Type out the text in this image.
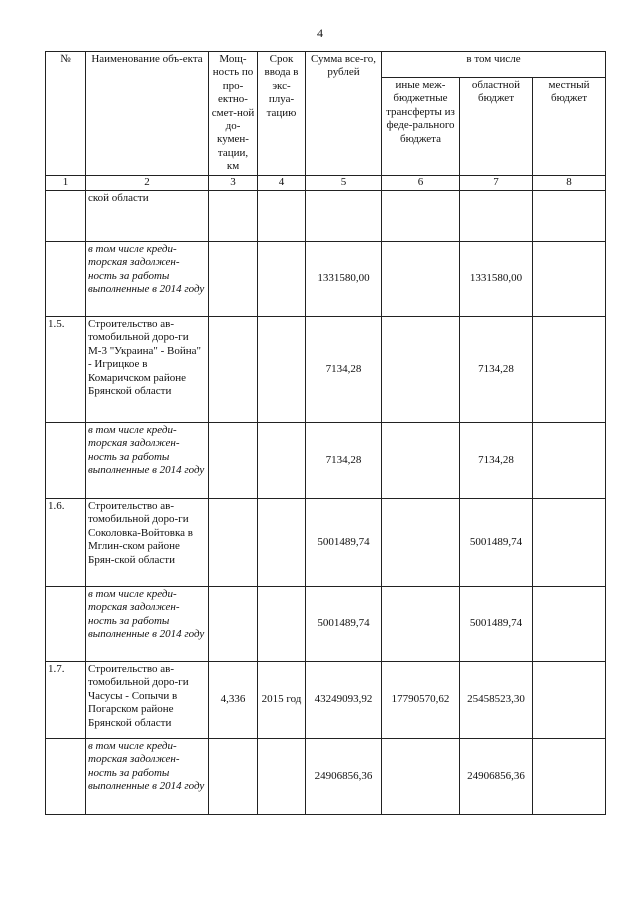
4
№	Наименование объ-екта	Мощ-ность по про-ектно-смет-ной до-кумен-тации, км	Срок ввода в экс-плуа-тацию	Сумма все-го, рублей	в том числе		
					иные меж-бюджетные трансферты из феде-рального бюджета	областной бюджет	местный бюджет
1	2	3	4	5	6	7	8
	ской области						
	в том числе креди-торская задолжен-ность за работы выполненные в 2014 году			1331580,00		1331580,00	
1.5.	Строительство ав-томобильной доро-ги М-3 "Украина" - Война" - Игрицкое в Комаричском районе Брянской области			7134,28		7134,28	
	в том числе креди-торская задолжен-ность за работы выполненные в 2014 году			7134,28		7134,28	
1.6.	Строительство ав-томобильной доро-ги Соколовка-Войтовка в Мглин-ском районе Брян-ской области			5001489,74		5001489,74	
	в том числе креди-торская задолжен-ность за работы выполненные в 2014 году			5001489,74		5001489,74	
1.7.	Строительство ав-томобильной доро-ги Часусы - Сопычи в Погарском районе Брянской области	4,336	2015 год	43249093,92	17790570,62	25458523,30	
	в том числе креди-торская задолжен-ность за работы выполненные в 2014 году			24906856,36		24906856,36	
